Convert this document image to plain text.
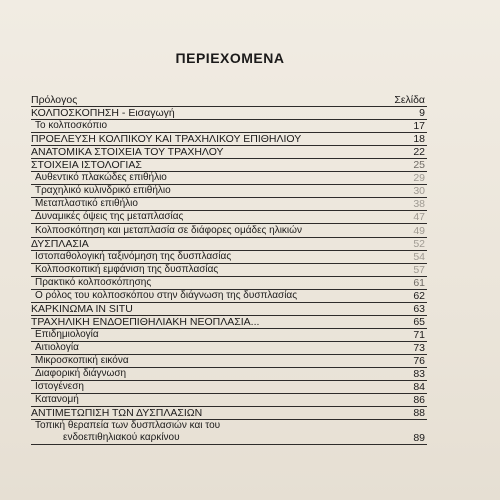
ΠΕΡΙΕΧΟΜΕΝΑ
Πρόλογος	Σελίδα
ΚΟΛΠΟΣΚΟΠΗΣΗ - Εισαγωγή	9
Το κολποσκόπιο	17
ΠΡΟΕΛΕΥΣΗ ΚΟΛΠΙΚΟΥ ΚΑΙ ΤΡΑΧΗΛΙΚΟΥ ΕΠΙΘΗΛΙΟΥ	18
ΑΝΑΤΟΜΙΚΑ ΣΤΟΙΧΕΙΑ ΤΟΥ ΤΡΑΧΗΛΟΥ	22
ΣΤΟΙΧΕΙΑ ΙΣΤΟΛΟΓΙΑΣ	25
Αυθεντικό πλακώδες επιθήλιο	29
Τραχηλικό κυλινδρικό επιθήλιο	30
Μεταπλαστικό επιθήλιο	38
Δυναμικές όψεις της μεταπλασίας	47
Κολποσκόπηση και μεταπλασία σε διάφορες ομάδες ηλικιών	49
ΔΥΣΠΛΑΣΙΑ	52
Ιστοπαθολογική ταξινόμηση της δυσπλασίας	54
Κολποσκοπική εμφάνιση της δυσπλασίας	57
Πρακτικό κολποσκόπησης	61
Ο ρόλος του κολποσκόπου στην διάγνωση της δυσπλασίας	62
ΚΑΡΚΙΝΩΜΑ ΙΝ SITU	63
ΤΡΑΧΗΛΙΚΗ ΕΝΔΟΕΠΙΘΗΛΙΑΚΗ ΝΕΟΠΛΑΣΙΑ...	65
Επιδημιολογία	71
Αιτιολογία	73
Μικροσκοπική εικόνα	76
Διαφορική διάγνωση	83
Ιστογένεση	84
Κατανομή	86
ΑΝΤΙΜΕΤΩΠΙΣΗ ΤΩΝ ΔΥΣΠΛΑΣΙΩΝ	88
Τοπική θεραπεία των δυσπλασιών και του
ενδοεπιθηλιακού καρκίνου	89
